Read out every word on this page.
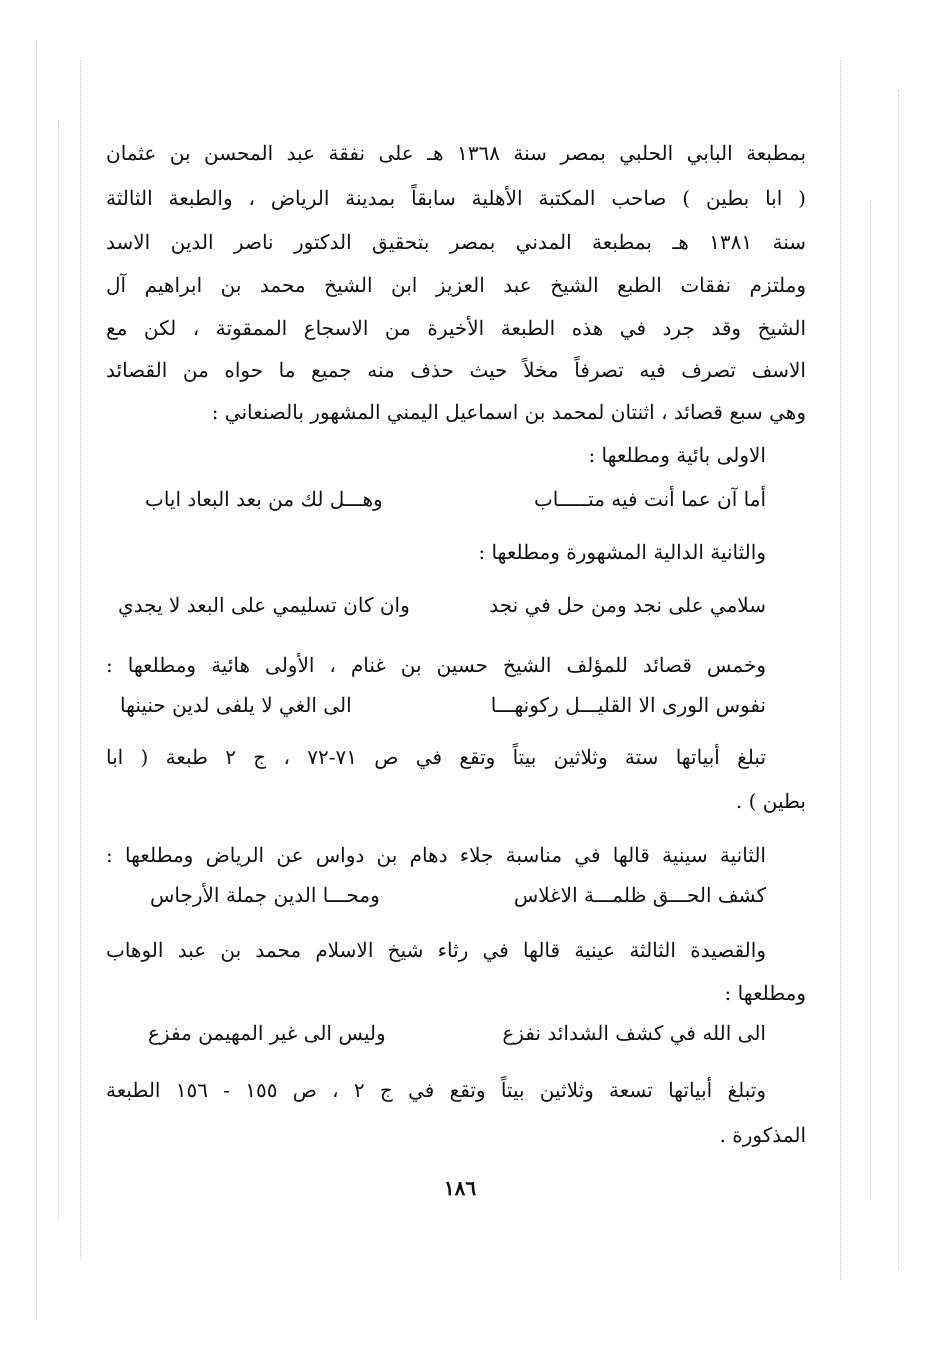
بمطبعة البابي الحلبي بمصر سنة ١٣٦٨ هـ على نفقة عبد المحسن بن عثمان
( ابا بطين ) صاحب المكتبة الأهلية سابقاً بمدينة الرياض ، والطبعة الثالثة
سنة ١٣٨١ هـ بمطبعة المدني بمصر بتحقيق الدكتور ناصر الدين الاسد
وملتزم نفقات الطبع الشيخ عبد العزيز ابن الشيخ محمد بن ابراهيم آل
الشيخ وقد جرد في هذه الطبعة الأخيرة من الاسجاع الممقوتة ، لكن مع
الاسف تصرف فيه تصرفاً مخلاً حيث حذف منه جميع ما حواه من القصائد
وهي سبع قصائد ، اثنتان لمحمد بن اسماعيل اليمني المشهور بالصنعاني :
الاولى بائية ومطلعها :
أما آن عما أنت فيه متـــــاب
وهـــل لك من بعد البعاد اياب
والثانية الدالية المشهورة ومطلعها :
سلامي على نجد ومن حل في نجد
وان كان تسليمي على البعد لا يجدي
وخمس قصائد للمؤلف الشيخ حسين بن غنام ، الأولى هائية ومطلعها :
نفوس الورى الا القليـــل ركونهـــا
الى الغي لا يلفى لدين حنينها
تبلغ أبياتها ستة وثلاثين بيتاً وتقع في ص ٧١-٧٢ ، ج ٢ طبعة ( ابا
بطين ) .
الثانية سينية قالها في مناسبة جلاء دهام بن دواس عن الرياض ومطلعها :
كشف الحـــق ظلمـــة الاغلاس
ومحـــا الدين جملة الأرجاس
والقصيدة الثالثة عينية قالها في رثاء شيخ الاسلام محمد بن عبد الوهاب
ومطلعها :
الى الله في كشف الشدائد نفزع
وليس الى غير المهيمن مفزع
وتبلغ أبياتها تسعة وثلاثين بيتاً وتقع في ج ٢ ، ص ١٥٥ - ١٥٦ الطبعة
المذكورة .
١٨٦
